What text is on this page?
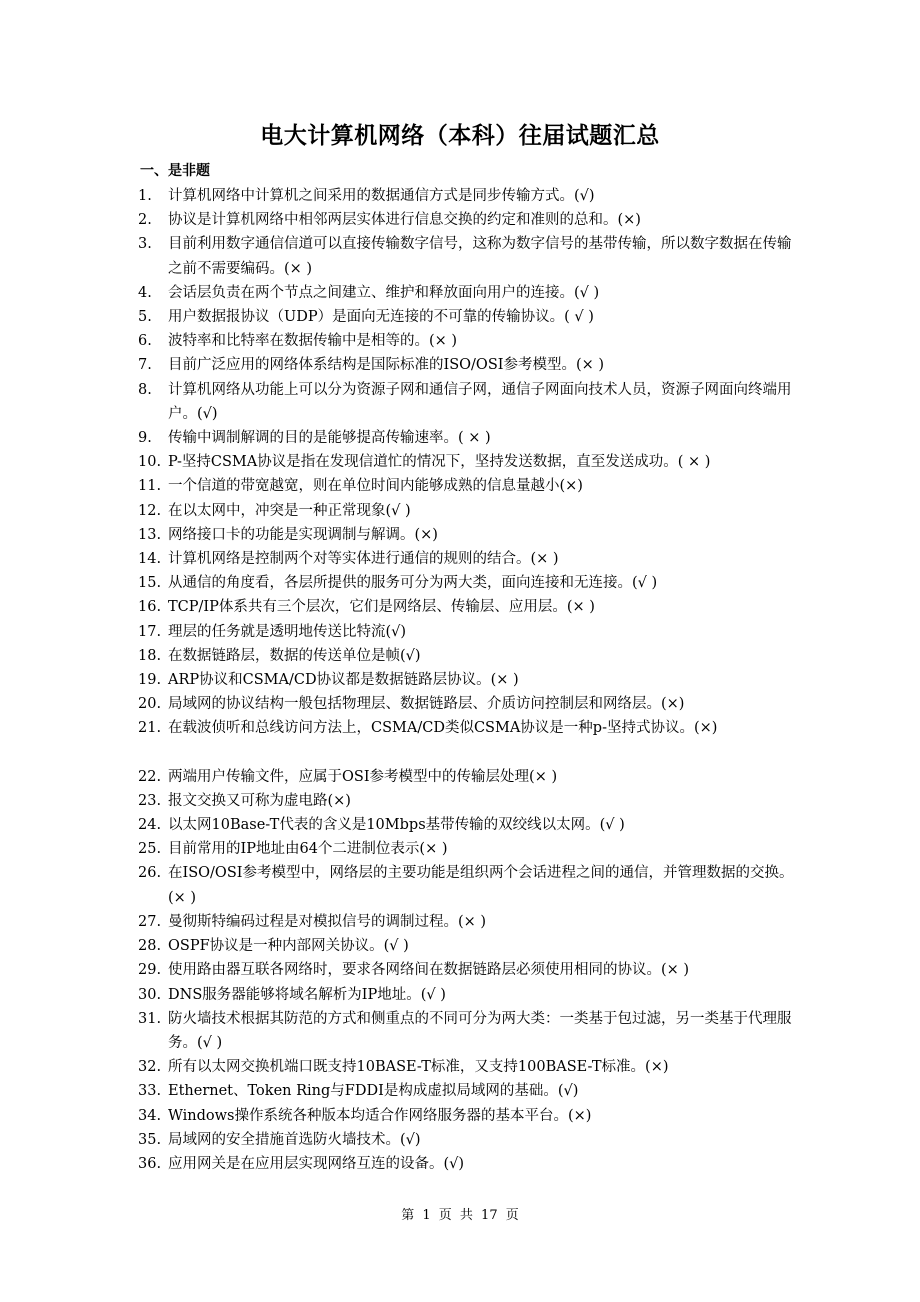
电大计算机网络（本科）往届试题汇总
一、是非题
1.	计算机网络中计算机之间采用的数据通信方式是同步传输方式。(√)
2.	协议是计算机网络中相邻两层实体进行信息交换的约定和准则的总和。(×)
3.	目前利用数字通信信道可以直接传输数字信号，这称为数字信号的基带传输，所以数字数据在传输之前不需要编码。(× )
4.	会话层负责在两个节点之间建立、维护和释放面向用户的连接。(√ )
5.	用户数据报协议（UDP）是面向无连接的不可靠的传输协议。( √ )
6.	波特率和比特率在数据传输中是相等的。(× )
7.	目前广泛应用的网络体系结构是国际标准的ISO/OSI参考模型。(× )
8.	计算机网络从功能上可以分为资源子网和通信子网，通信子网面向技术人员，资源子网面向终端用户。(√)
9.	传输中调制解调的目的是能够提高传输速率。( × )
10. P-坚持CSMA协议是指在发现信道忙的情况下，坚持发送数据，直至发送成功。( × )
11. 一个信道的带宽越宽，则在单位时间内能够成熟的信息量越小(×)
12. 在以太网中，冲突是一种正常现象(√ )
13. 网络接口卡的功能是实现调制与解调。(×)
14. 计算机网络是控制两个对等实体进行通信的规则的结合。(× )
15. 从通信的角度看，各层所提供的服务可分为两大类，面向连接和无连接。(√ )
16. TCP/IP体系共有三个层次，它们是网络层、传输层、应用层。(× )
17. 理层的任务就是透明地传送比特流(√)
18. 在数据链路层，数据的传送单位是帧(√)
19. ARP协议和CSMA/CD协议都是数据链路层协议。(× )
20. 局域网的协议结构一般包括物理层、数据链路层、介质访问控制层和网络层。(×)
21. 在载波侦听和总线访问方法上，CSMA/CD类似CSMA协议是一种p-坚持式协议。(×)
22. 两端用户传输文件，应属于OSI参考模型中的传输层处理(× )
23. 报文交换又可称为虚电路(×)
24. 以太网10Base-T代表的含义是10Mbps基带传输的双绞线以太网。(√ )
25. 目前常用的IP地址由64个二进制位表示(× )
26. 在ISO/OSI参考模型中，网络层的主要功能是组织两个会话进程之间的通信，并管理数据的交换。(× )
27. 曼彻斯特编码过程是对模拟信号的调制过程。(× )
28. OSPF协议是一种内部网关协议。(√ )
29. 使用路由器互联各网络时，要求各网络间在数据链路层必须使用相同的协议。(× )
30. DNS服务器能够将域名解析为IP地址。(√ )
31. 防火墙技术根据其防范的方式和侧重点的不同可分为两大类：一类基于包过滤，另一类基于代理服务。(√ )
32. 所有以太网交换机端口既支持10BASE-T标准，又支持100BASE-T标准。(×)
33. Ethernet、Token Ring与FDDI是构成虚拟局域网的基础。(√)
34. Windows操作系统各种版本均适合作网络服务器的基本平台。(×)
35. 局域网的安全措施首选防火墙技术。(√)
36. 应用网关是在应用层实现网络互连的设备。(√)
第 1 页 共 17 页
